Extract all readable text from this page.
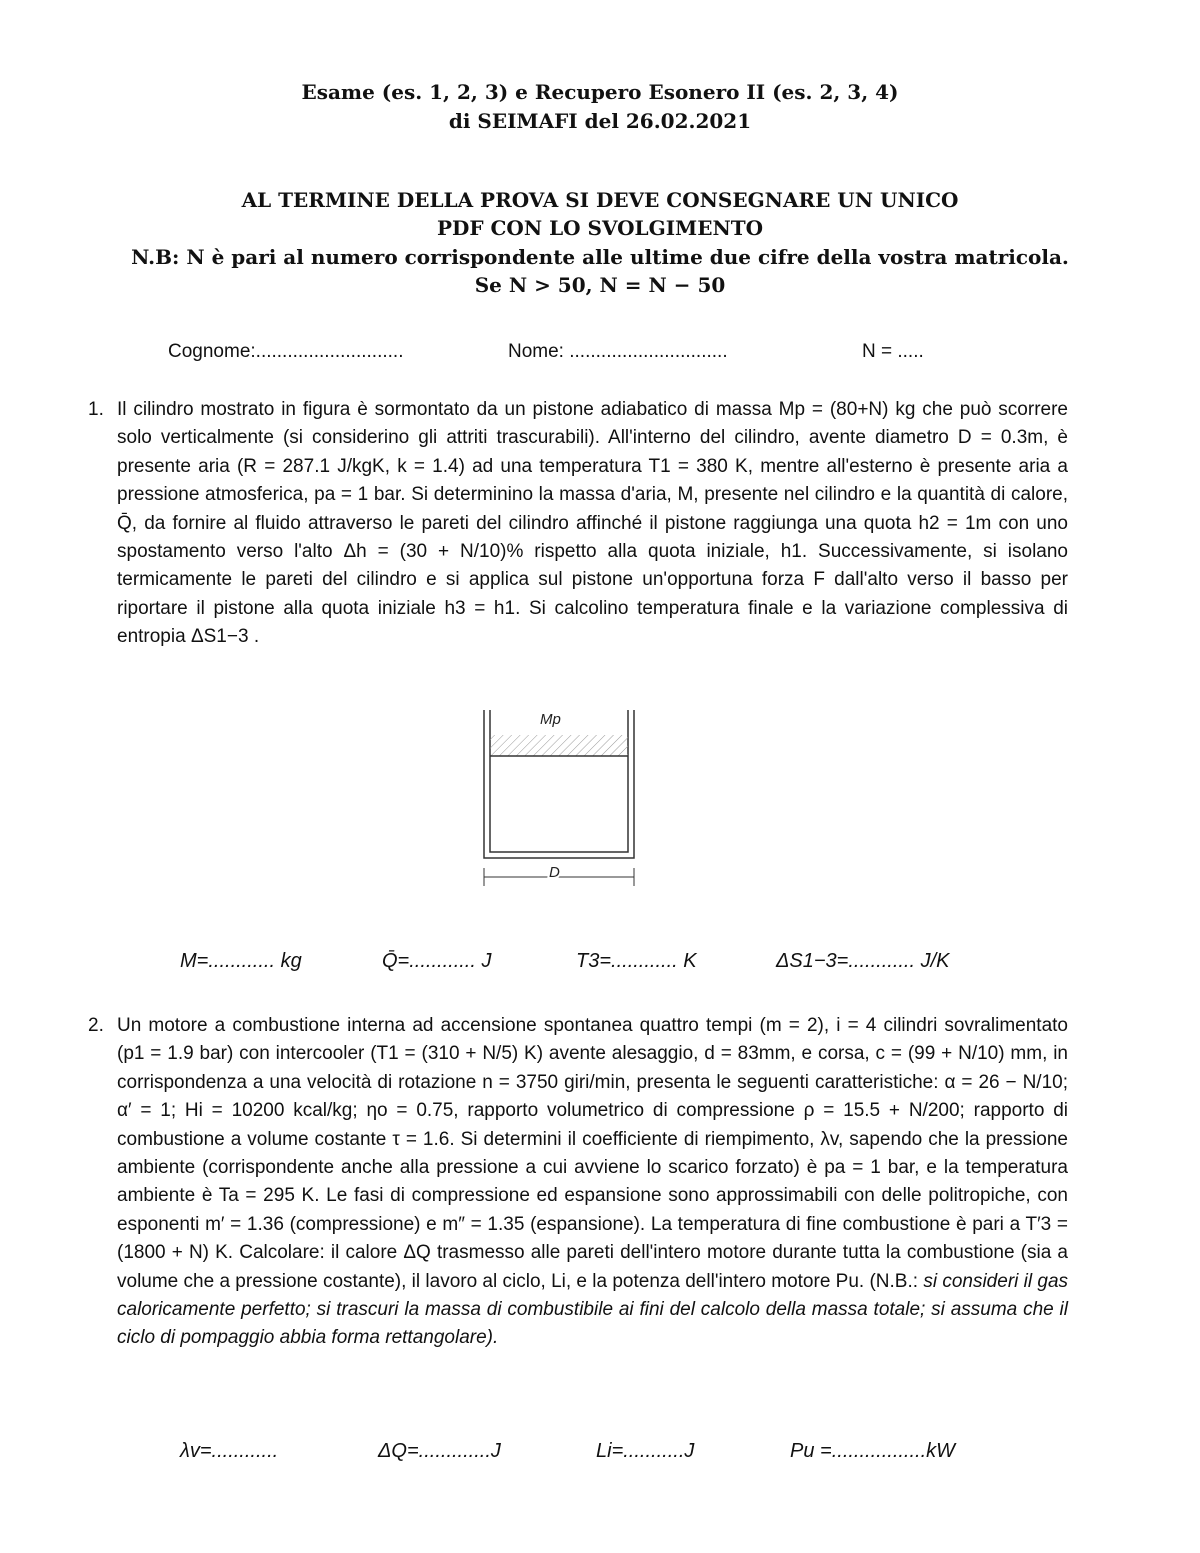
Esame (es. 1, 2, 3) e Recupero Esonero II (es. 2, 3, 4)
di SEIMAFI del 26.02.2021
AL TERMINE DELLA PROVA SI DEVE CONSEGNARE UN UNICO
PDF CON LO SVOLGIMENTO
N.B: N è pari al numero corrispondente alle ultime due cifre della vostra matricola.
Se N > 50, N = N − 50
Cognome:............................	Nome: ..............................	N = .....
1. Il cilindro mostrato in figura è sormontato da un pistone adiabatico di massa Mp = (80+N) kg che può scorrere solo verticalmente (si considerino gli attriti trascurabili). All'interno del cilindro, avente diametro D = 0.3m, è presente aria (R = 287.1 J/kgK, k = 1.4) ad una temperatura T1 = 380 K, mentre all'esterno è presente aria a pressione atmosferica, pa = 1 bar. Si determinino la massa d'aria, M, presente nel cilindro e la quantità di calore, Q̄, da fornire al fluido attraverso le pareti del cilindro affinché il pistone raggiunga una quota h2 = 1m con uno spostamento verso l'alto Δh = (30 + N/10)% rispetto alla quota iniziale, h1. Successivamente, si isolano termicamente le pareti del cilindro e si applica sul pistone un'opportuna forza F dall'alto verso il basso per riportare il pistone alla quota iniziale h3 = h1. Si calcolino temperatura finale e la variazione complessiva di entropia ΔS1−3 .

Mp
D
M=............ kg	Q̄=............ J	T3=............ K	ΔS1−3=............ J/K
2. Un motore a combustione interna ad accensione spontanea quattro tempi (m = 2), i = 4 cilindri sovralimentato (p1 = 1.9 bar) con intercooler (T1 = (310 + N/5) K) avente alesaggio, d = 83mm, e corsa, c = (99 + N/10) mm, in corrispondenza a una velocità di rotazione n = 3750 giri/min, presenta le seguenti caratteristiche: α = 26 − N/10; α′ = 1; Hi = 10200 kcal/kg; ηo = 0.75, rapporto volumetrico di compressione ρ = 15.5 + N/200; rapporto di combustione a volume costante τ = 1.6. Si determini il coefficiente di riempimento, λv, sapendo che la pressione ambiente (corrispondente anche alla pressione a cui avviene lo scarico forzato) è pa = 1 bar, e la temperatura ambiente è Ta = 295 K. Le fasi di compressione ed espansione sono approssimabili con delle politropiche, con esponenti m′ = 1.36 (compressione) e m″ = 1.35 (espansione). La temperatura di fine combustione è pari a T′3 = (1800 + N) K. Calcolare: il calore ΔQ trasmesso alle pareti dell'intero motore durante tutta la combustione (sia a volume che a pressione costante), il lavoro al ciclo, Li, e la potenza dell'intero motore Pu. (N.B.: si consideri il gas caloricamente perfetto; si trascuri la massa di combustibile ai fini del calcolo della massa totale; si assuma che il ciclo di pompaggio abbia forma rettangolare).

λv=............	ΔQ=.............J	Li=...........J	Pu =.................kW
